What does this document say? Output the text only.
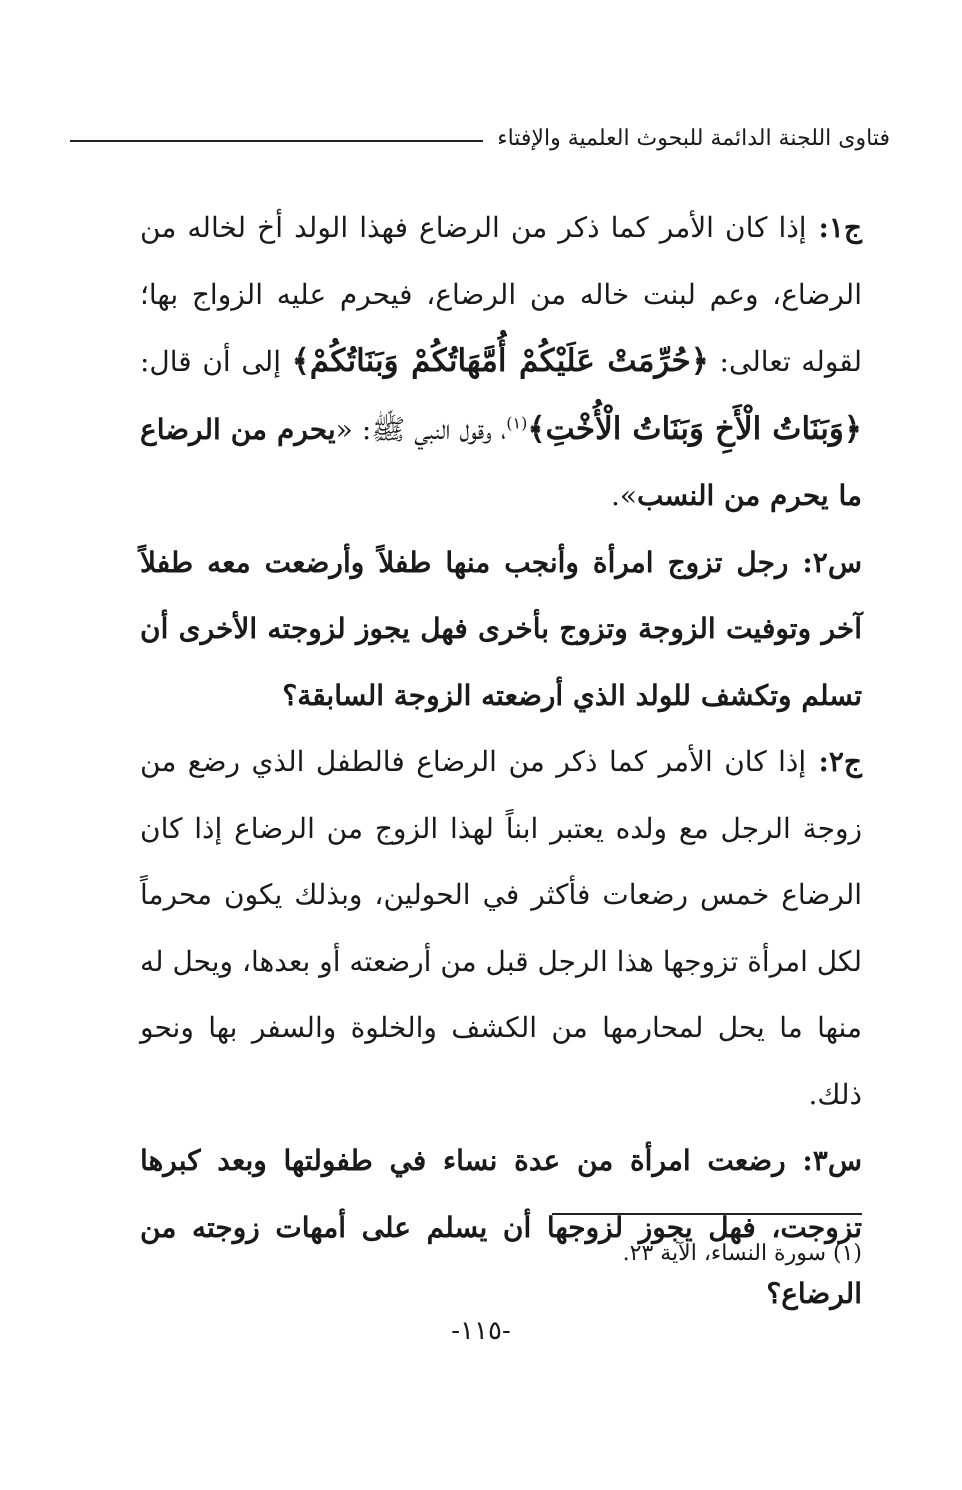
فتاوى اللجنة الدائمة للبحوث العلمية والإفتاء

ج١: إذا كان الأمر كما ذكر من الرضاع فهذا الولد أخ لخاله من الرضاع، وعم لبنت خاله من الرضاع، فيحرم عليه الزواج بها؛ لقوله تعالى: ﴿حُرِّمَتْ عَلَيْكُمْ أُمَّهَاتُكُمْ وَبَنَاتُكُمْ﴾ إلى أن قال: ﴿وَبَنَاتُ الْأَخِ وَبَنَاتُ الْأُخْتِ﴾$^{(١)}$، وقول النبي ﷺ: «يحرم من الرضاع ما يحرم من النسب».

س٢: رجل تزوج امرأة وأنجب منها طفلاً وأرضعت معه طفلاً آخر وتوفيت الزوجة وتزوج بأخرى فهل يجوز لزوجته الأخرى أن تسلم وتكشف للولد الذي أرضعته الزوجة السابقة؟

ج٢: إذا كان الأمر كما ذكر من الرضاع فالطفل الذي رضع من زوجة الرجل مع ولده يعتبر ابناً لهذا الزوج من الرضاع إذا كان الرضاع خمس رضعات فأكثر في الحولين، وبذلك يكون محرماً لكل امرأة تزوجها هذا الرجل قبل من أرضعته أو بعدها، ويحل له منها ما يحل لمحارمها من الكشف والخلوة والسفر بها ونحو ذلك.

س٣: رضعت امرأة من عدة نساء في طفولتها وبعد كبرها تزوجت، فهل يجوز لزوجها أن يسلم على أمهات زوجته من الرضاع؟

(١) سورة النساء، الآية ٢٣.
-١١٥-
